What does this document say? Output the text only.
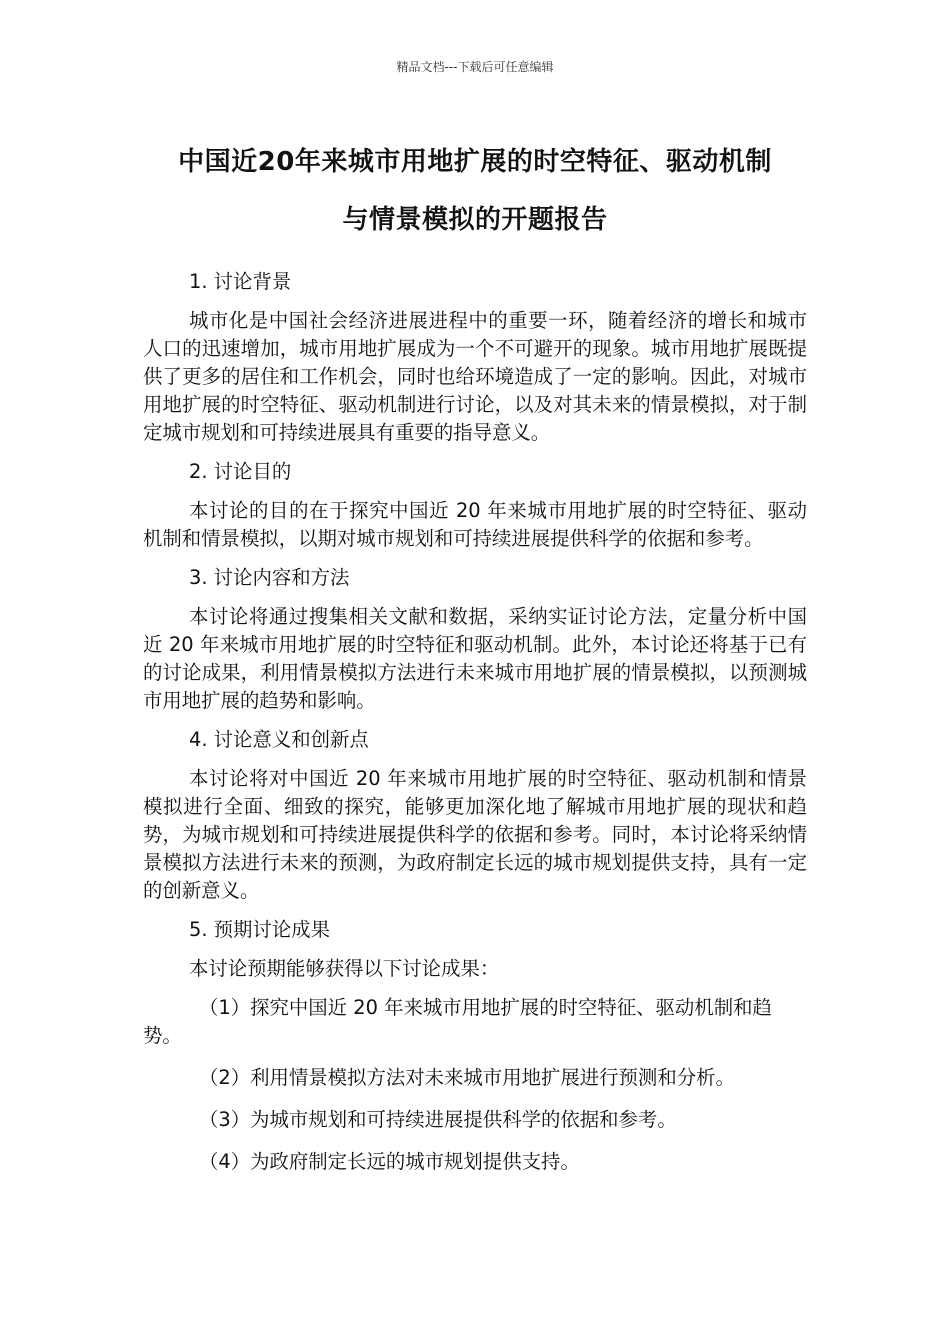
精品文档---下载后可任意编辑
中国近20年来城市用地扩展的时空特征、驱动机制
与情景模拟的开题报告
1. 讨论背景
城市化是中国社会经济进展进程中的重要一环，随着经济的增长和城市人口的迅速增加，城市用地扩展成为一个不可避开的现象。城市用地扩展既提供了更多的居住和工作机会，同时也给环境造成了一定的影响。因此，对城市用地扩展的时空特征、驱动机制进行讨论，以及对其未来的情景模拟，对于制定城市规划和可持续进展具有重要的指导意义。
2. 讨论目的
本讨论的目的在于探究中国近 20 年来城市用地扩展的时空特征、驱动机制和情景模拟，以期对城市规划和可持续进展提供科学的依据和参考。
3. 讨论内容和方法
本讨论将通过搜集相关文献和数据，采纳实证讨论方法，定量分析中国近 20 年来城市用地扩展的时空特征和驱动机制。此外，本讨论还将基于已有的讨论成果，利用情景模拟方法进行未来城市用地扩展的情景模拟，以预测城市用地扩展的趋势和影响。
4. 讨论意义和创新点
本讨论将对中国近 20 年来城市用地扩展的时空特征、驱动机制和情景模拟进行全面、细致的探究，能够更加深化地了解城市用地扩展的现状和趋势，为城市规划和可持续进展提供科学的依据和参考。同时，本讨论将采纳情景模拟方法进行未来的预测，为政府制定长远的城市规划提供支持，具有一定的创新意义。
5. 预期讨论成果
本讨论预期能够获得以下讨论成果：
（1）探究中国近 20 年来城市用地扩展的时空特征、驱动机制和趋势。
（2）利用情景模拟方法对未来城市用地扩展进行预测和分析。
（3）为城市规划和可持续进展提供科学的依据和参考。
（4）为政府制定长远的城市规划提供支持。
